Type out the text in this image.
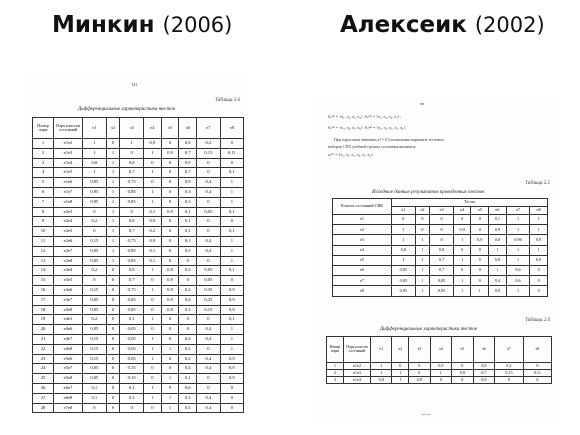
Минкин (2006)	Алексеик (2002)
141
Таблица 3.6
Дифференциальные характеристики тестов
Номер пары	Пара классов состояний	π1	π2	π3	π4	π5	π6	π7	π8
1	e1e2	1	0	1	0,9	0	0,8	0,2	0
2	e1e3	1	1	0	1	0,9	0,7	0,15	0,11
3	e1e4	0,8	1	0,8	0	0	0,9	0	0
4	e1e5	1	1	0,7	1	0	0,7	0	0,1
5	e1e6	0,85	1	0,75	0	0	0,9	0,4	1
6	e1e7	0,95	1	0,85	1	0	0,3	0,4	1
7	e1e8	0,95	1	0,85	1	0	0,3	0	1
8	e2e3	0	1	0	0,1	0,9	0,1	0,05	0,1
9	e2e4	0,2	1	0,8	0,9	0	0,1	0	0
10	e2e5	0	1	0,7	0,2	0	0,1	0	0,1
11	e2e6	0,15	1	0,75	0,9	0	0,1	0,4	1
12	e2e7	0,05	1	0,85	0,1	0	0,5	0,4	1
13	e2e8	0,05	1	0,85	0,1	0	0	0	1
14	e3e4	0,2	0	0,8	1	0,9	0,2	0,05	0,1
15	e3e5	0	0	0,7	0	0,9	0	0,05	0
16	e3e6	0,15	0	0,75	1	0,9	0,2	0,35	0,9
17	e3e7	0,05	0	0,85	0	0,9	0,4	0,35	0,9
18	e3e8	0,05	0	0,85	0	0,9	0,1	0,15	0,9
19	e4e5	0,2	0	0,1	1	0	0	0	0,1
20	e4e6	0,05	0	0,05	0	0	0	0,4	1
21	e4e7	0,15	0	0,05	1	0	0,4	0,4	1
22	e4e8	0,15	0	0,05	1	1	0,2	0	1
23	e5e6	0,15	0	0,05	1	0	0,2	0,4	0,9
24	e5e7	0,05	0	0,15	0	0	0,4	0,4	0,9
25	e5e8	0,05	0	0,15	0	1	0,1	0	0,9
26	e6e7	0,1	0	0,1	1	9	0,6	0	0
27	e6e8	0,1	0	0,1	1	1	0,1	0,4	0
28	e7e8	0	0	0	0	1	0,5	0,4	0
ча
Sₙ⁽¹⁾ = {π₁, π₂, π₃, π₄}; Sₙ⁽²⁾ = {π₃, π₄, π₆, π₇};
Sₙ⁽³⁾ = {π₃, π₆, π₇, π₈}; Sₙ⁽⁴⁾ = {π₂, π₃, π₅, π₇, π₈}.
При пороговом значении aᵀ = 0,5 возможные варианты тестовых
наборов СПХ учебной группы состояния являются:
sₙ⁽¹⁾ = {π₁, π₂, π₃, π₆, π₇, π₈}.
Таблица 2.5
Исходные данные результатов проведенных тестов
Классы состояний СВК	Тесты							
	π1	π2	π3	π4	π5	π6	π7	π8
e1	0	0	0	0	0	0,1	1	1
e2	1	0	0	0,9	0	0,9	1	1
e3	1	1	0	1	0,9	0,8	0,96	0,9
e4	0,8	1	0,8	0	0	1	1	1
e5	1	1	0,7	1	0	0,8	1	0,9
e6	0,85	1	0,7	0	0	1	0,6	0
e7	0,95	1	0,85	1	0	0,4	0,6	0
e8	0,95	1	0,85	1	1	0,9	1	0
Таблица 2.6
Дифференциальные характеристики тестов
Номер пары	Пара классов состояний	π1	π2	π3	π4	π5	π6	π7	π8
1	e1e2	1	0	0	0,9	0	0,8	0,2	0
2	e1e3	1	1	0	1	0,9	0,7	0,15	0,11
3	e1e4	0,8	1	0,8	0	0	0,9	0	0
ꟷ ꟷ
